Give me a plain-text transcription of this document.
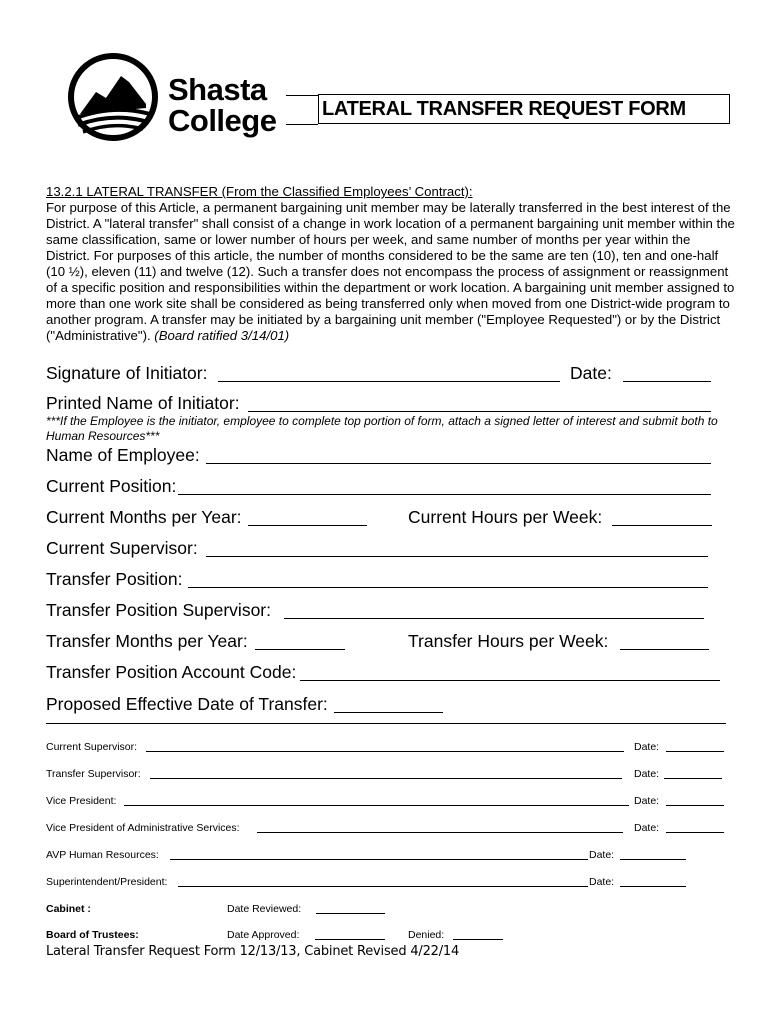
Shasta
College LATERAL TRANSFER REQUEST FORM
13.2.1 LATERAL TRANSFER (From the Classified Employees’ Contract):
For purpose of this Article, a permanent bargaining unit member may be laterally transferred in the best interest of the District. A "lateral transfer" shall consist of a change in work location of a permanent bargaining unit member within the same classification, same or lower number of hours per week, and same number of months per year within the District. For purposes of this article, the number of months considered to be the same are ten (10), ten and one-half (10 ½), eleven (11) and twelve (12). Such a transfer does not encompass the process of assignment or reassignment of a specific position and responsibilities within the department or work location. A bargaining unit member assigned to more than one work site shall be considered as being transferred only when moved from one District-wide program to another program. A transfer may be initiated by a bargaining unit member ("Employee Requested") or by the District ("Administrative"). (Board ratified 3/14/01)
Signature of Initiator:	Date:
Printed Name of Initiator:
***If the Employee is the initiator, employee to complete top portion of form, attach a signed letter of interest and submit both to Human Resources***
Name of Employee:
Current Position:
Current Months per Year:	Current Hours per Week:
Current Supervisor:
Transfer Position:
Transfer Position Supervisor:
Transfer Months per Year:	Transfer Hours per Week:
Transfer Position Account Code:
Proposed Effective Date of Transfer:
Current Supervisor:	Date:
Transfer Supervisor:	Date:
Vice President:	Date:
Vice President of Administrative Services:	Date:
AVP Human Resources:	Date:
Superintendent/President:	Date:
Cabinet :	Date Reviewed:
Board of Trustees:	Date Approved:	Denied:
Lateral Transfer Request Form 12/13/13, Cabinet Revised 4/22/14
